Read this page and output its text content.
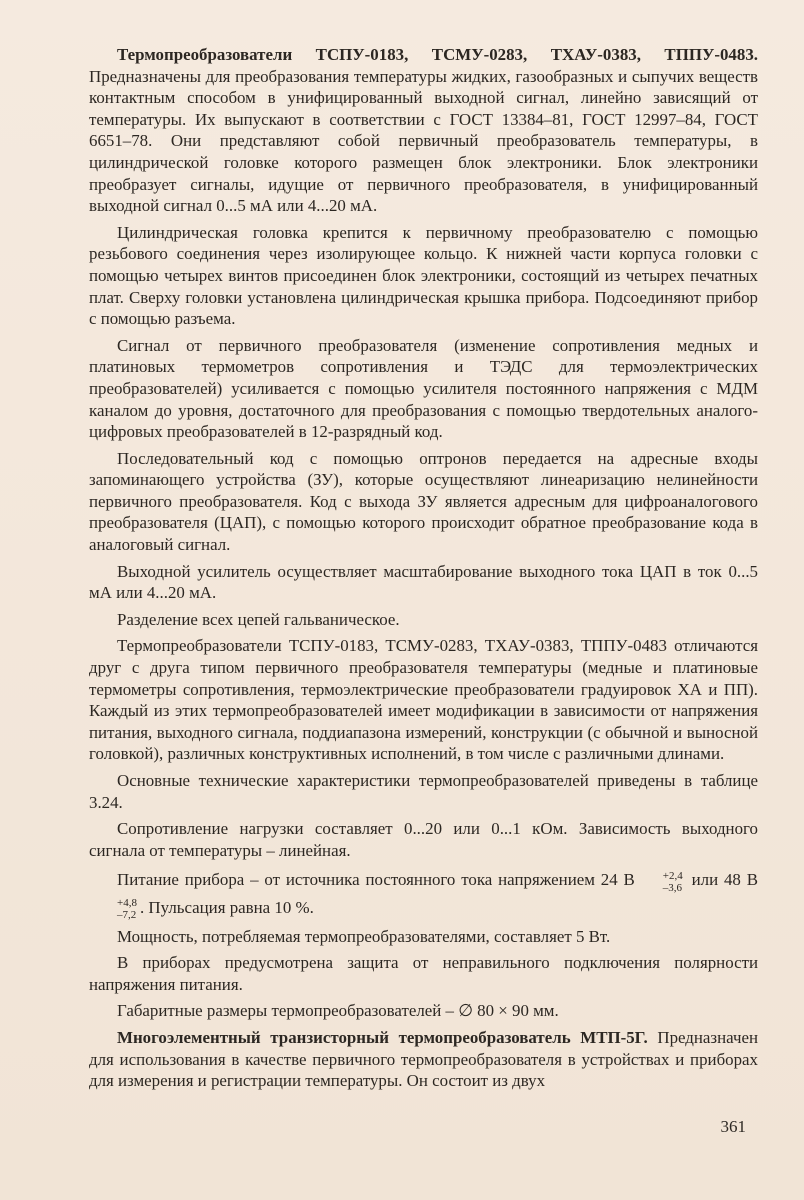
Термопреобразователи ТСПУ-0183, ТСМУ-0283, ТХАУ-0383, ТППУ-0483. Предназначены для преобразования температуры жидких, газообразных и сыпучих веществ контактным способом в унифицированный выходной сигнал, линейно зависящий от температуры. Их выпускают в соответствии с ГОСТ 13384–81, ГОСТ 12997–84, ГОСТ 6651–78. Они представляют собой первичный преобразователь температуры, в цилиндрической головке которого размещен блок электроники. Блок электроники преобразует сигналы, идущие от первичного преобразователя, в унифицированный выходной сигнал 0...5 мА или 4...20 мА.

Цилиндрическая головка крепится к первичному преобразователю с помощью резьбового соединения через изолирующее кольцо. К нижней части корпуса головки с помощью четырех винтов присоединен блок электроники, состоящий из четырех печатных плат. Сверху головки установлена цилиндрическая крышка прибора. Подсоединяют прибор с помощью разъема.

Сигнал от первичного преобразователя (изменение сопротивления медных и платиновых термометров сопротивления и ТЭДС для термоэлектрических преобразователей) усиливается с помощью усилителя постоянного напряжения с МДМ каналом до уровня, достаточного для преобразования с помощью твердотельных аналого-цифровых преобразователей в 12-разрядный код.

Последовательный код с помощью оптронов передается на адресные входы запоминающего устройства (ЗУ), которые осуществляют линеаризацию нелинейности первичного преобразователя. Код с выхода ЗУ является адресным для цифроаналогового преобразователя (ЦАП), с помощью которого происходит обратное преобразование кода в аналоговый сигнал.

Выходной усилитель осуществляет масштабирование выходного тока ЦАП в ток 0...5 мА или 4...20 мА.

Разделение всех цепей гальваническое.

Термопреобразователи ТСПУ-0183, ТСМУ-0283, ТХАУ-0383, ТППУ-0483 отличаются друг с друга типом первичного преобразователя температуры (медные и платиновые термометры сопротивления, термоэлектрические преобразователи градуировок ХА и ПП). Каждый из этих термопреобразователей имеет модификации в зависимости от напряжения питания, выходного сигнала, поддиапазона измерений, конструкции (с обычной и выносной головкой), различных конструктивных исполнений, в том числе с различными длинами.

Основные технические характеристики термопреобразователей приведены в таблице 3.24.

Сопротивление нагрузки составляет 0...20 или 0...1 кОм. Зависимость выходного сигнала от температуры – линейная.

Питание прибора – от источника постоянного тока напряжением 24 В	+2,4
–3,6 или 48 В
+4,8
–7,2 . Пульсация равна 10 %.

Мощность, потребляемая термопреобразователями, составляет 5 Вт.

В приборах предусмотрена защита от неправильного подключения полярности напряжения питания.

Габаритные размеры термопреобразователей – ∅ 80 × 90 мм.

Многоэлементный транзисторный термопреобразователь МТП-5Г. Предназначен для использования в качестве первичного термопреобразователя в устройствах и приборах для измерения и регистрации температуры. Он состоит из двух

361
